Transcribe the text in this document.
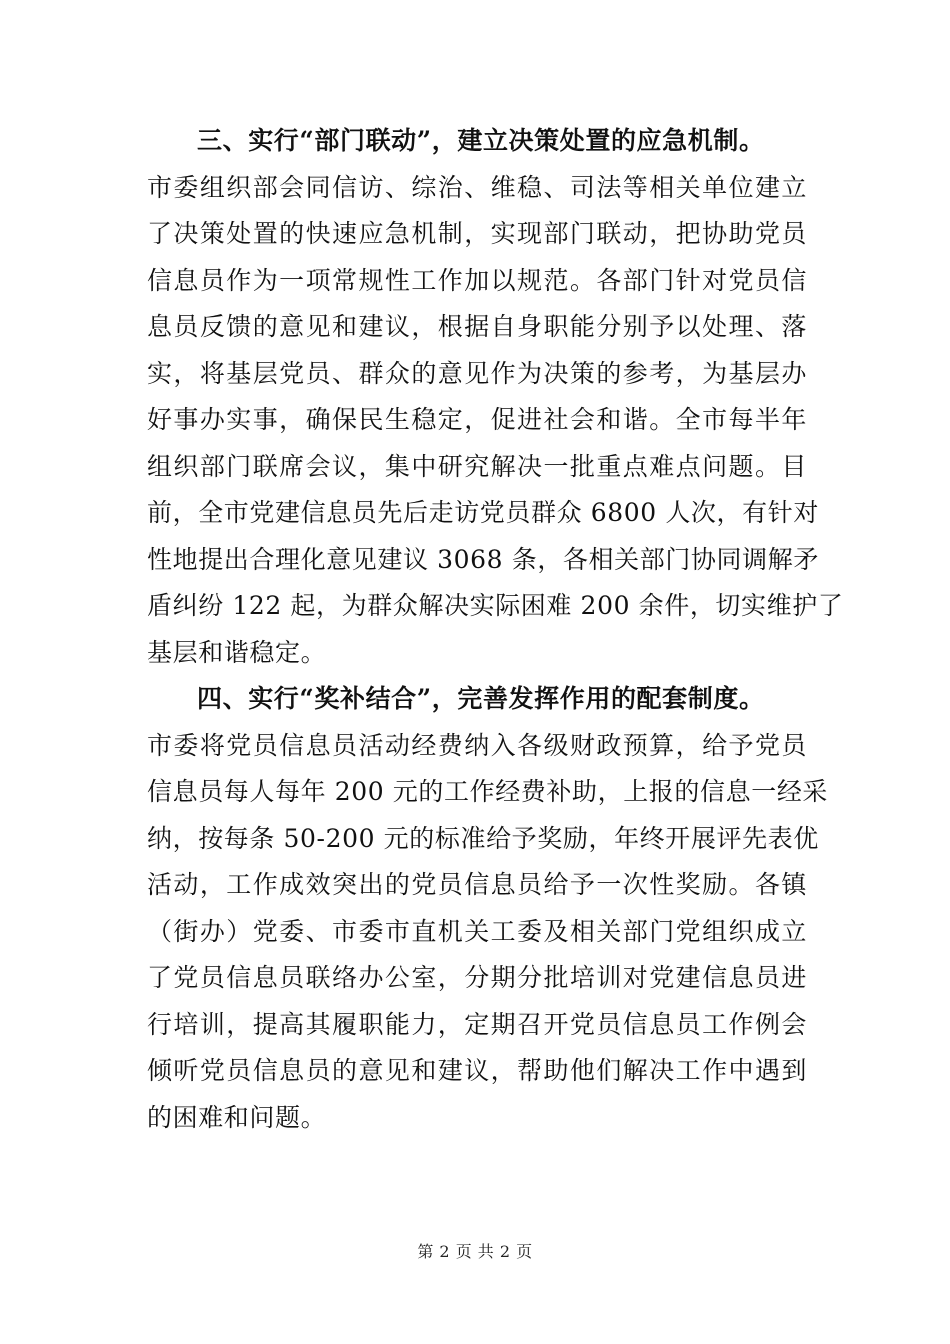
三、实行“部门联动”，建立决策处置的应急机制。
市委组织部会同信访、综治、维稳、司法等相关单位建立
了决策处置的快速应急机制，实现部门联动，把协助党员
信息员作为一项常规性工作加以规范。各部门针对党员信
息员反馈的意见和建议，根据自身职能分别予以处理、落
实，将基层党员、群众的意见作为决策的参考，为基层办
好事办实事，确保民生稳定，促进社会和谐。全市每半年
组织部门联席会议，集中研究解决一批重点难点问题。目
前，全市党建信息员先后走访党员群众 6800 人次，有针对
性地提出合理化意见建议 3068 条，各相关部门协同调解矛
盾纠纷 122 起，为群众解决实际困难 200 余件，切实维护了
基层和谐稳定。
四、实行“奖补结合”，完善发挥作用的配套制度。
市委将党员信息员活动经费纳入各级财政预算，给予党员
信息员每人每年 200 元的工作经费补助，上报的信息一经采
纳，按每条 50-200 元的标准给予奖励，年终开展评先表优
活动，工作成效突出的党员信息员给予一次性奖励。各镇
（街办）党委、市委市直机关工委及相关部门党组织成立
了党员信息员联络办公室，分期分批培训对党建信息员进
行培训，提高其履职能力，定期召开党员信息员工作例会
倾听党员信息员的意见和建议，帮助他们解决工作中遇到
的困难和问题。
第 2 页 共 2 页
